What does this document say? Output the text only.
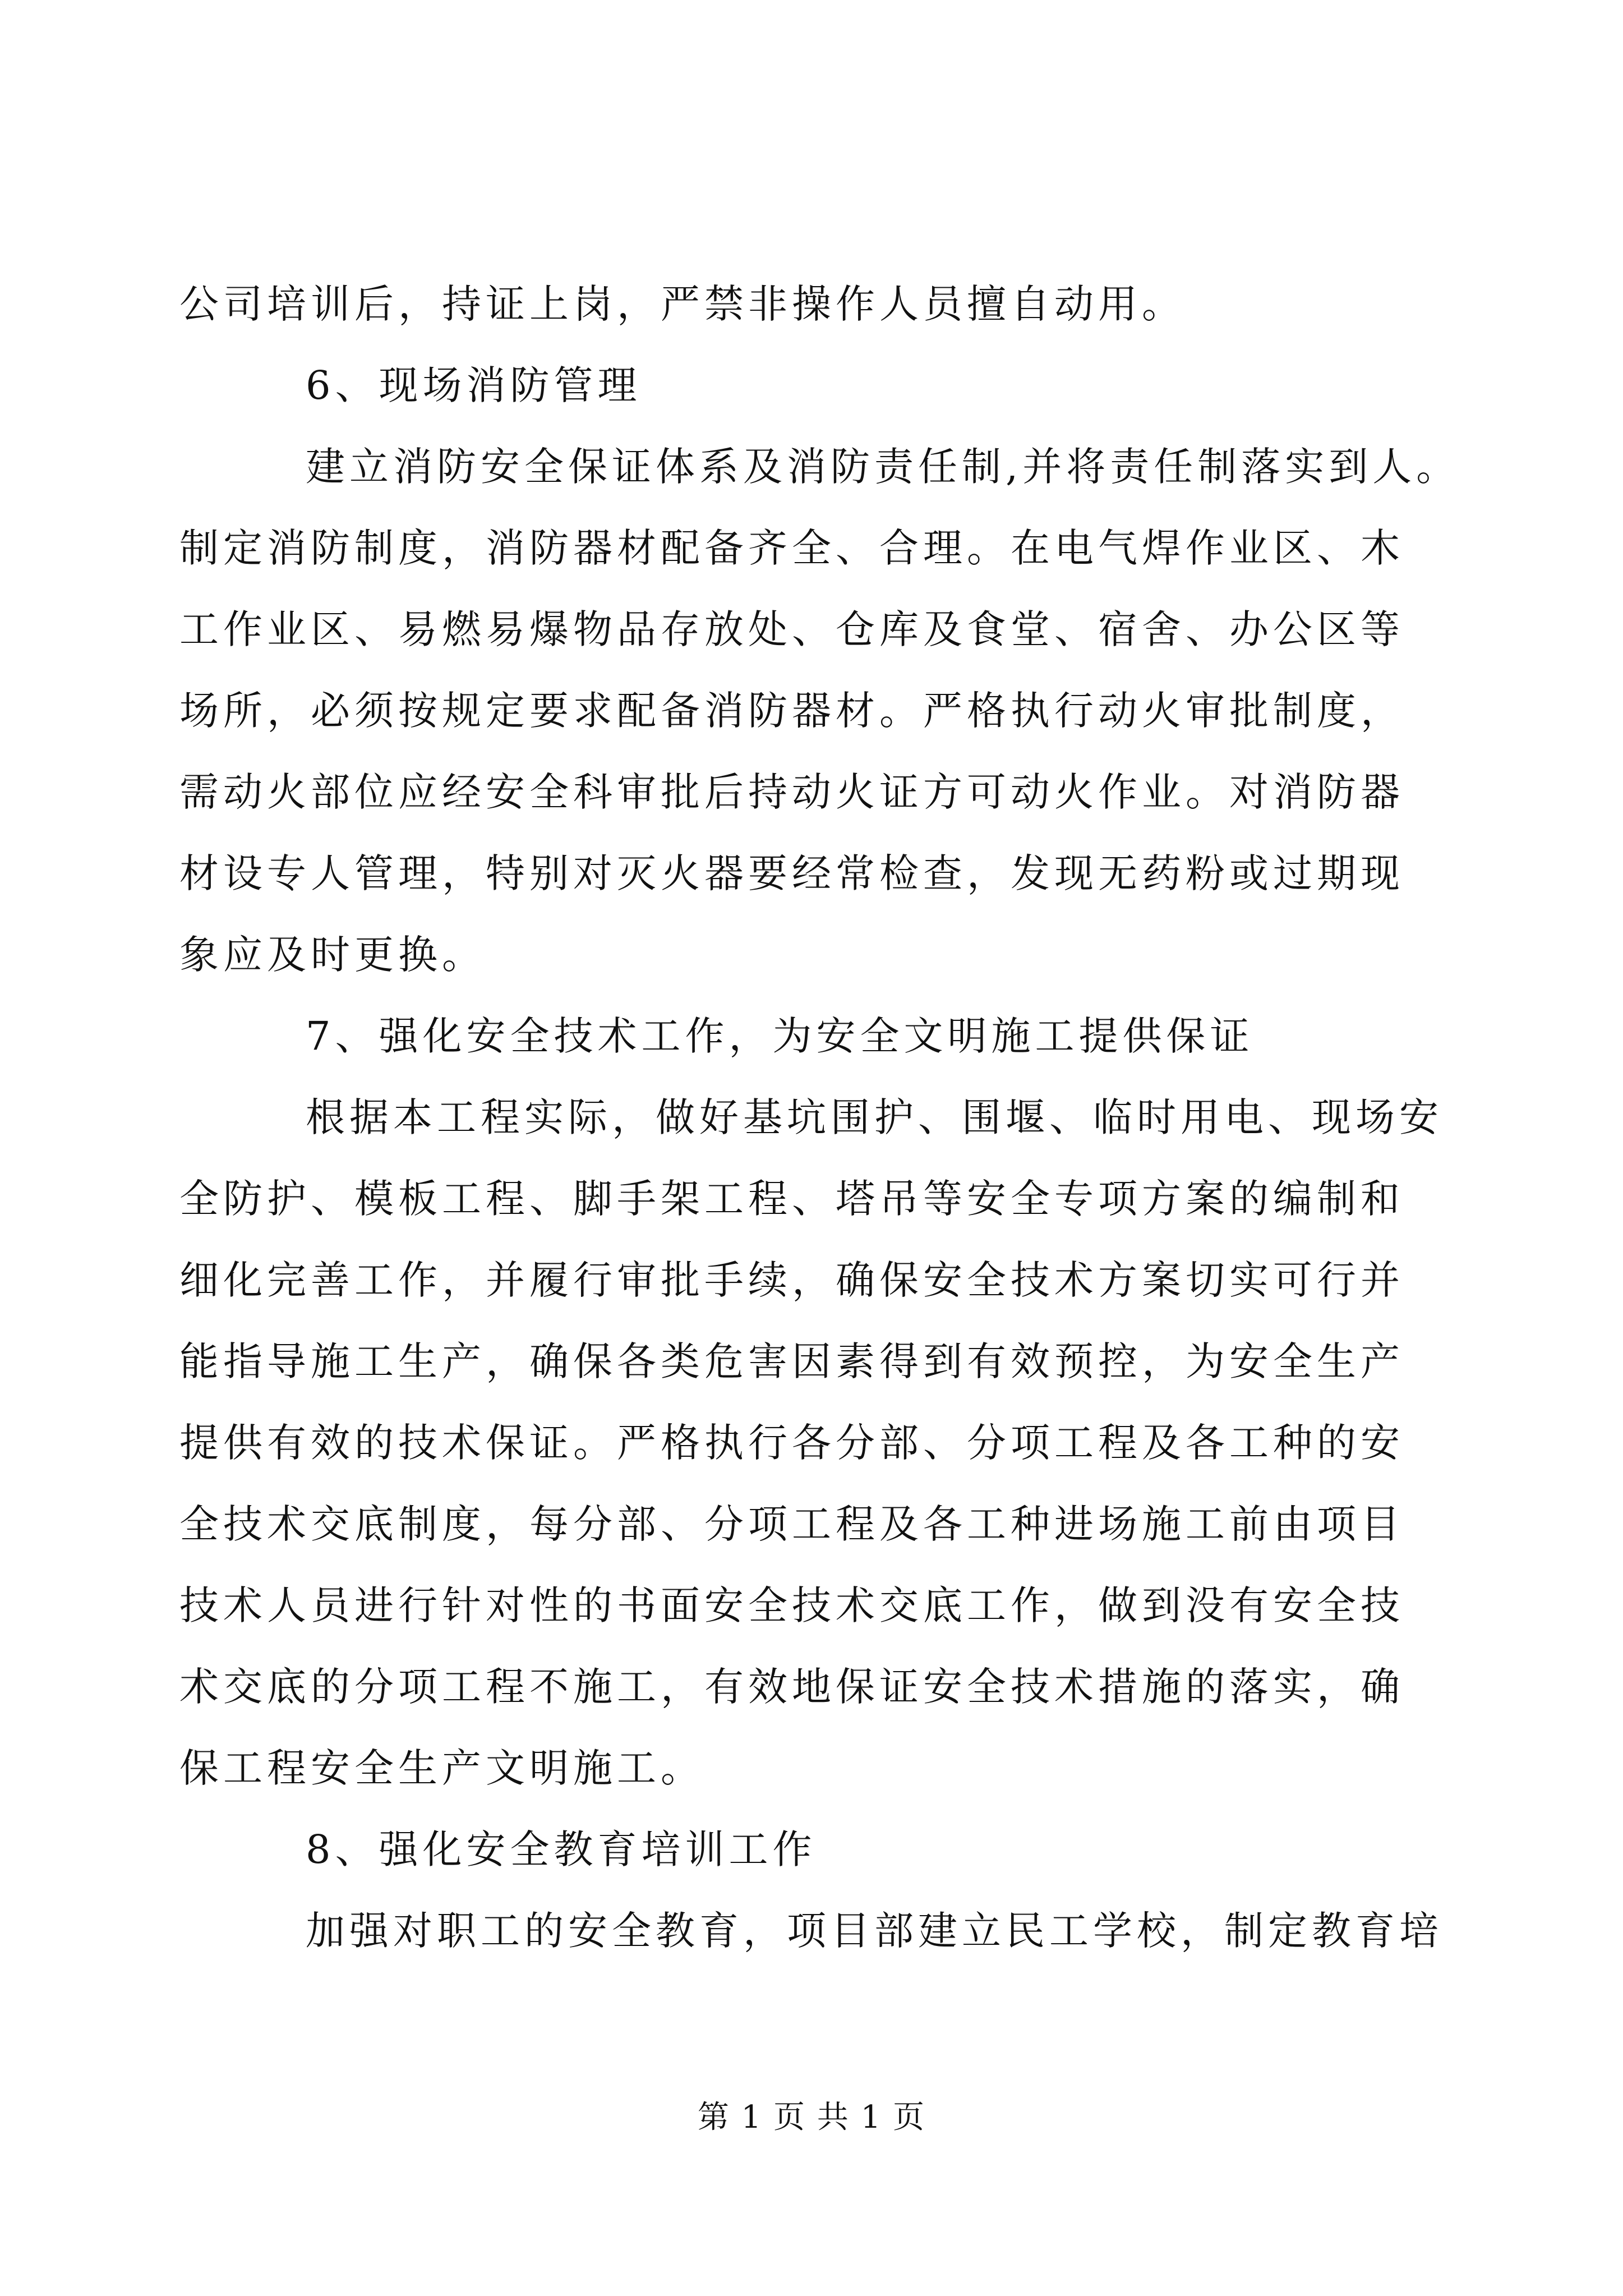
公司培训后，持证上岗，严禁非操作人员擅自动用。
6、现场消防管理
建立消防安全保证体系及消防责任制,并将责任制落实到人。
制定消防制度，消防器材配备齐全、合理。在电气焊作业区、木
工作业区、易燃易爆物品存放处、仓库及食堂、宿舍、办公区等
场所，必须按规定要求配备消防器材。严格执行动火审批制度，
需动火部位应经安全科审批后持动火证方可动火作业。对消防器
材设专人管理，特别对灭火器要经常检查，发现无药粉或过期现
象应及时更换。
7、强化安全技术工作，为安全文明施工提供保证
根据本工程实际，做好基坑围护、围堰、临时用电、现场安
全防护、模板工程、脚手架工程、塔吊等安全专项方案的编制和
细化完善工作，并履行审批手续，确保安全技术方案切实可行并
能指导施工生产，确保各类危害因素得到有效预控，为安全生产
提供有效的技术保证。严格执行各分部、分项工程及各工种的安
全技术交底制度，每分部、分项工程及各工种进场施工前由项目
技术人员进行针对性的书面安全技术交底工作，做到没有安全技
术交底的分项工程不施工，有效地保证安全技术措施的落实，确
保工程安全生产文明施工。
8、强化安全教育培训工作
加强对职工的安全教育，项目部建立民工学校，制定教育培
第 1 页 共 1 页
